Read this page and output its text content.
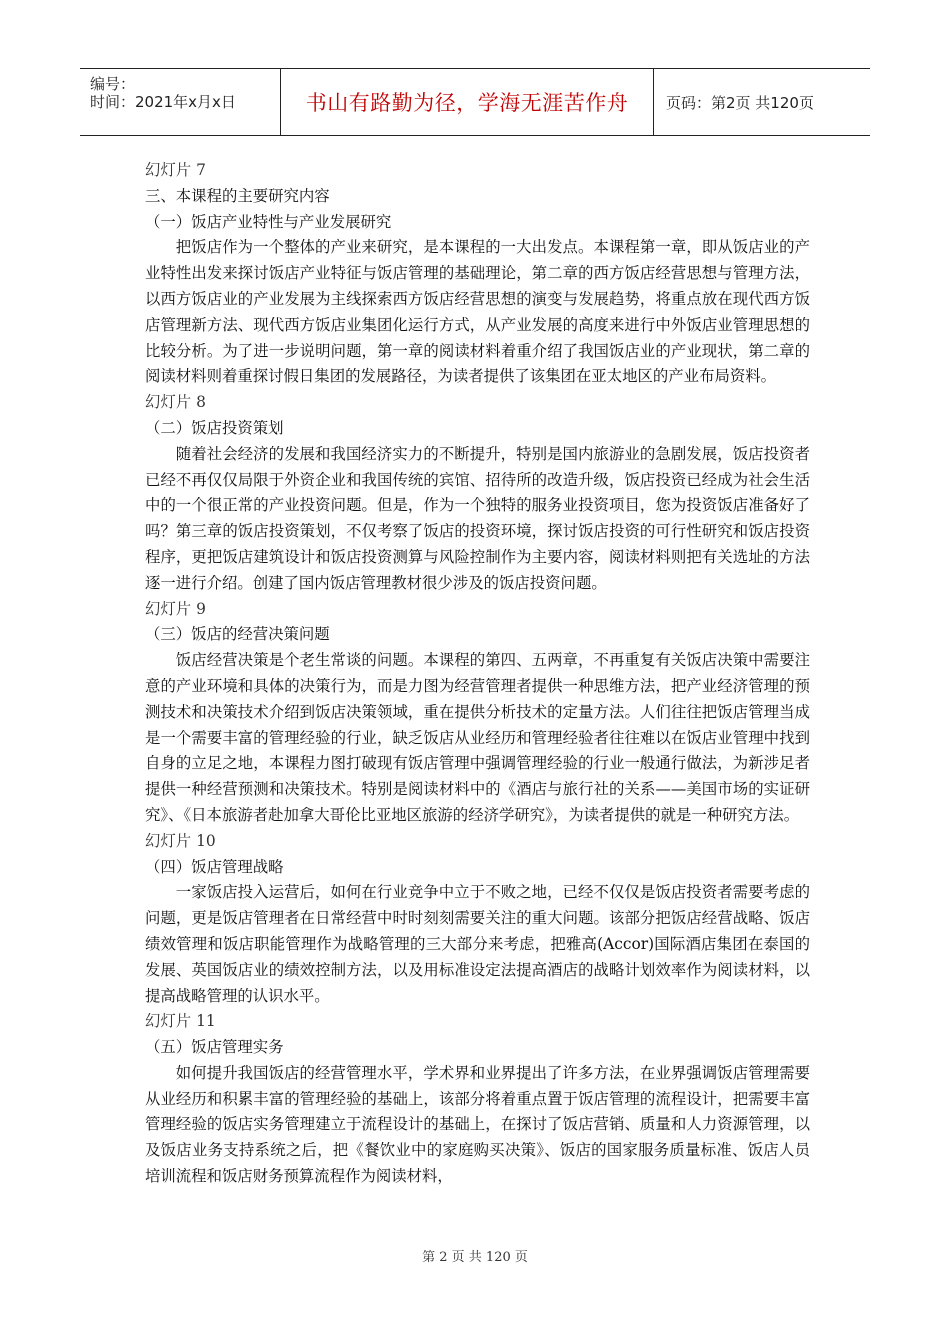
编号：
时间：2021年x月x日	书山有路勤为径，学海无涯苦作舟	页码：第2页 共120页

幻灯片 7

三、本课程的主要研究内容

（一）饭店产业特性与产业发展研究

把饭店作为一个整体的产业来研究，是本课程的一大出发点。本课程第一章，即从饭店业的产业特性出发来探讨饭店产业特征与饭店管理的基础理论，第二章的西方饭店经营思想与管理方法，以西方饭店业的产业发展为主线探索西方饭店经营思想的演变与发展趋势，将重点放在现代西方饭店管理新方法、现代西方饭店业集团化运行方式，从产业发展的高度来进行中外饭店业管理思想的比较分析。为了进一步说明问题，第一章的阅读材料着重介绍了我国饭店业的产业现状，第二章的阅读材料则着重探讨假日集团的发展路径，为读者提供了该集团在亚太地区的产业布局资料。

幻灯片 8

（二）饭店投资策划

随着社会经济的发展和我国经济实力的不断提升，特别是国内旅游业的急剧发展，饭店投资者已经不再仅仅局限于外资企业和我国传统的宾馆、招待所的改造升级，饭店投资已经成为社会生活中的一个很正常的产业投资问题。但是，作为一个独特的服务业投资项目，您为投资饭店准备好了吗？第三章的饭店投资策划，不仅考察了饭店的投资环境，探讨饭店投资的可行性研究和饭店投资程序，更把饭店建筑设计和饭店投资测算与风险控制作为主要内容，阅读材料则把有关选址的方法逐一进行介绍。创建了国内饭店管理教材很少涉及的饭店投资问题。

幻灯片 9

（三）饭店的经营决策问题

饭店经营决策是个老生常谈的问题。本课程的第四、五两章，不再重复有关饭店决策中需要注意的产业环境和具体的决策行为，而是力图为经营管理者提供一种思维方法，把产业经济管理的预测技术和决策技术介绍到饭店决策领域，重在提供分析技术的定量方法。人们往往把饭店管理当成是一个需要丰富的管理经验的行业，缺乏饭店从业经历和管理经验者往往难以在饭店业管理中找到自身的立足之地，本课程力图打破现有饭店管理中强调管理经验的行业一般通行做法，为新涉足者提供一种经营预测和决策技术。特别是阅读材料中的《酒店与旅行社的关系——美国市场的实证研究》、《日本旅游者赴加拿大哥伦比亚地区旅游的经济学研究》，为读者提供的就是一种研究方法。

幻灯片 10

（四）饭店管理战略

一家饭店投入运营后，如何在行业竞争中立于不败之地，已经不仅仅是饭店投资者需要考虑的问题，更是饭店管理者在日常经营中时时刻刻需要关注的重大问题。该部分把饭店经营战略、饭店绩效管理和饭店职能管理作为战略管理的三大部分来考虑，把雅高(Accor)国际酒店集团在泰国的发展、英国饭店业的绩效控制方法，以及用标准设定法提高酒店的战略计划效率作为阅读材料，以提高战略管理的认识水平。

幻灯片 11

（五）饭店管理实务

如何提升我国饭店的经营管理水平，学术界和业界提出了许多方法，在业界强调饭店管理需要从业经历和积累丰富的管理经验的基础上，该部分将着重点置于饭店管理的流程设计，把需要丰富管理经验的饭店实务管理建立于流程设计的基础上，在探讨了饭店营销、质量和人力资源管理，以及饭店业务支持系统之后，把《餐饮业中的家庭购买决策》、饭店的国家服务质量标准、饭店人员培训流程和饭店财务预算流程作为阅读材料，

第 2 页 共 120 页
